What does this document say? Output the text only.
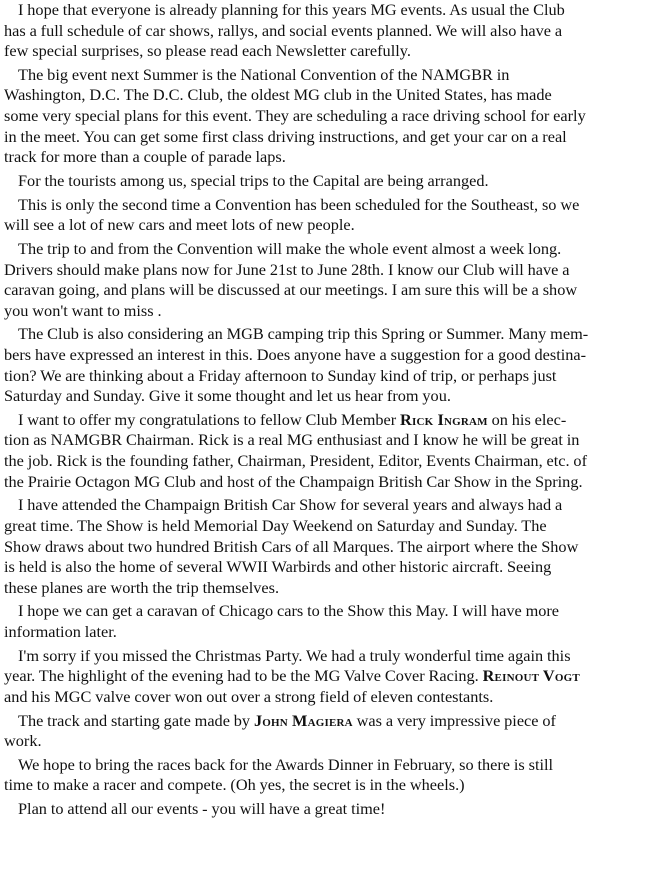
I hope that everyone is already planning for this years MG events. As usual the Club
has a full schedule of car shows, rallys, and social events planned. We will also have a
few special surprises, so please read each Newsletter carefully.

The big event next Summer is the National Convention of the NAMGBR in
Washington, D.C. The D.C. Club, the oldest MG club in the United States, has made
some very special plans for this event. They are scheduling a race driving school for early
in the meet. You can get some first class driving instructions, and get your car on a real
track for more than a couple of parade laps.

For the tourists among us, special trips to the Capital are being arranged.

This is only the second time a Convention has been scheduled for the Southeast, so we
will see a lot of new cars and meet lots of new people.

The trip to and from the Convention will make the whole event almost a week long.
Drivers should make plans now for June 21st to June 28th. I know our Club will have a
caravan going, and plans will be discussed at our meetings. I am sure this will be a show
you won't want to miss .

The Club is also considering an MGB camping trip this Spring or Summer. Many mem-
bers have expressed an interest in this. Does anyone have a suggestion for a good destina-
tion? We are thinking about a Friday afternoon to Sunday kind of trip, or perhaps just
Saturday and Sunday. Give it some thought and let us hear from you.

I want to offer my congratulations to fellow Club Member Rick Ingram on his elec-
tion as NAMGBR Chairman. Rick is a real MG enthusiast and I know he will be great in
the job. Rick is the founding father, Chairman, President, Editor, Events Chairman, etc. of
the Prairie Octagon MG Club and host of the Champaign British Car Show in the Spring.

I have attended the Champaign British Car Show for several years and always had a
great time. The Show is held Memorial Day Weekend on Saturday and Sunday. The
Show draws about two hundred British Cars of all Marques. The airport where the Show
is held is also the home of several WWII Warbirds and other historic aircraft. Seeing
these planes are worth the trip themselves.

I hope we can get a caravan of Chicago cars to the Show this May. I will have more
information later.

I'm sorry if you missed the Christmas Party. We had a truly wonderful time again this
year. The highlight of the evening had to be the MG Valve Cover Racing. Reinout Vogt
and his MGC valve cover won out over a strong field of eleven contestants.

The track and starting gate made by John Magiera was a very impressive piece of
work.

We hope to bring the races back for the Awards Dinner in February, so there is still
time to make a racer and compete. (Oh yes, the secret is in the wheels.)

Plan to attend all our events - you will have a great time!
